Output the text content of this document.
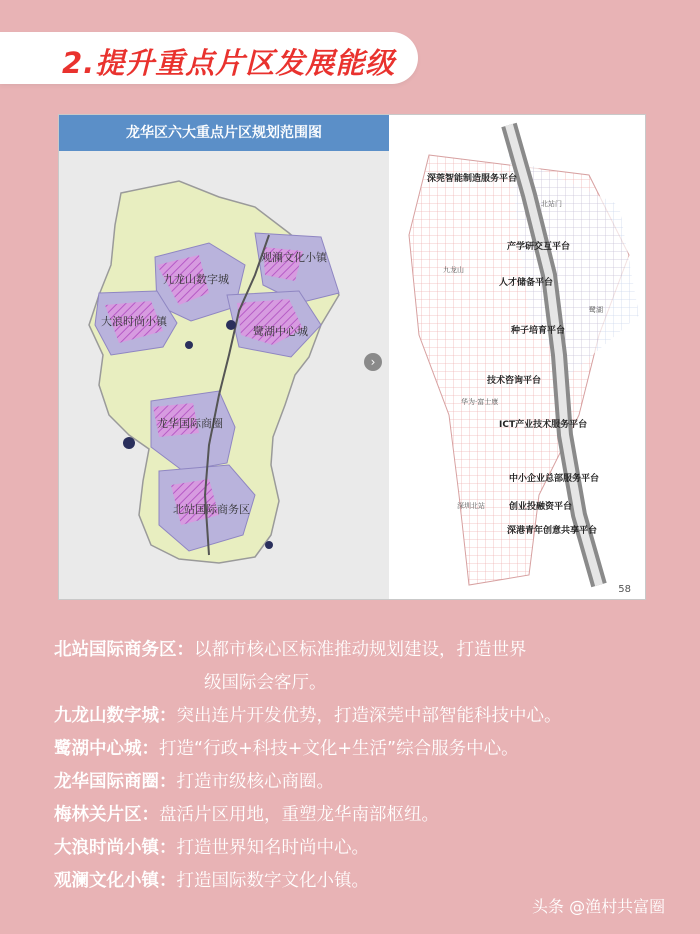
2.提升重点片区发展能级
龙华区六大重点片区规划范围图
观澜文化小镇
九龙山数字城
大浪时尚小镇
鹭湖中心城
龙华国际商圈
北站国际商务区
深莞智能制造服务平台
产学研交互平台
人才储备平台
种子培育平台
技术咨询平台
ICT产业技术服务平台
中小企业总部服务平台
创业投融资平台
深港青年创意共享平台
北站门
九龙山
鹭湖
华为·富士康
深圳北站
›
58
北站国际商务区：以都市核心区标准推动规划建设，打造世界
级国际会客厅。
九龙山数字城：突出连片开发优势，打造深莞中部智能科技中心。
鹭湖中心城：打造“行政+科技+文化+生活”综合服务中心。
龙华国际商圈：打造市级核心商圈。
梅林关片区：盘活片区用地，重塑龙华南部枢纽。
大浪时尚小镇：打造世界知名时尚中心。
观澜文化小镇：打造国际数字文化小镇。
头条 @渔村共富圈
